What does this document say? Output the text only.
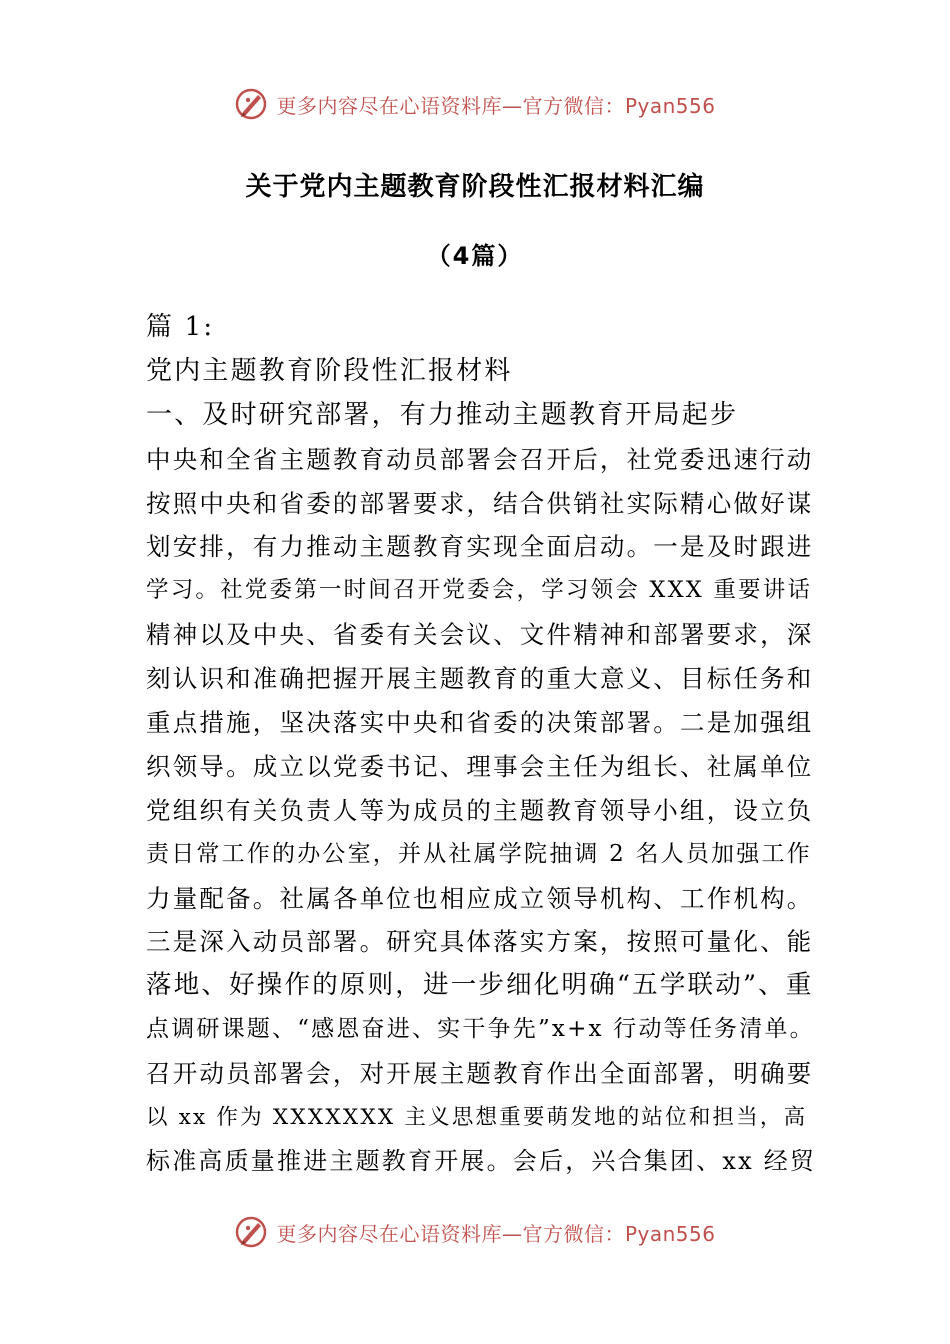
更多内容尽在心语资料库—官方微信：Pyan556
关于党内主题教育阶段性汇报材料汇编
（4篇）
篇 1:
党内主题教育阶段性汇报材料
一、及时研究部署，有力推动主题教育开局起步
中央和全省主题教育动员部署会召开后，社党委迅速行动
按照中央和省委的部署要求，结合供销社实际精心做好谋
划安排，有力推动主题教育实现全面启动。一是及时跟进
学习。社党委第一时间召开党委会，学习领会 XXX 重要讲话
精神以及中央、省委有关会议、文件精神和部署要求，深
刻认识和准确把握开展主题教育的重大意义、目标任务和
重点措施，坚决落实中央和省委的决策部署。二是加强组
织领导。成立以党委书记、理事会主任为组长、社属单位
党组织有关负责人等为成员的主题教育领导小组，设立负
责日常工作的办公室，并从社属学院抽调 2 名人员加强工作
力量配备。社属各单位也相应成立领导机构、工作机构。
三是深入动员部署。研究具体落实方案，按照可量化、能
落地、好操作的原则，进一步细化明确“五学联动”、重
点调研课题、“感恩奋进、实干争先”x+x 行动等任务清单。
召开动员部署会，对开展主题教育作出全面部署，明确要
以 xx 作为 XXXXXXX 主义思想重要萌发地的站位和担当，高
标准高质量推进主题教育开展。会后，兴合集团、xx 经贸
更多内容尽在心语资料库—官方微信：Pyan556
